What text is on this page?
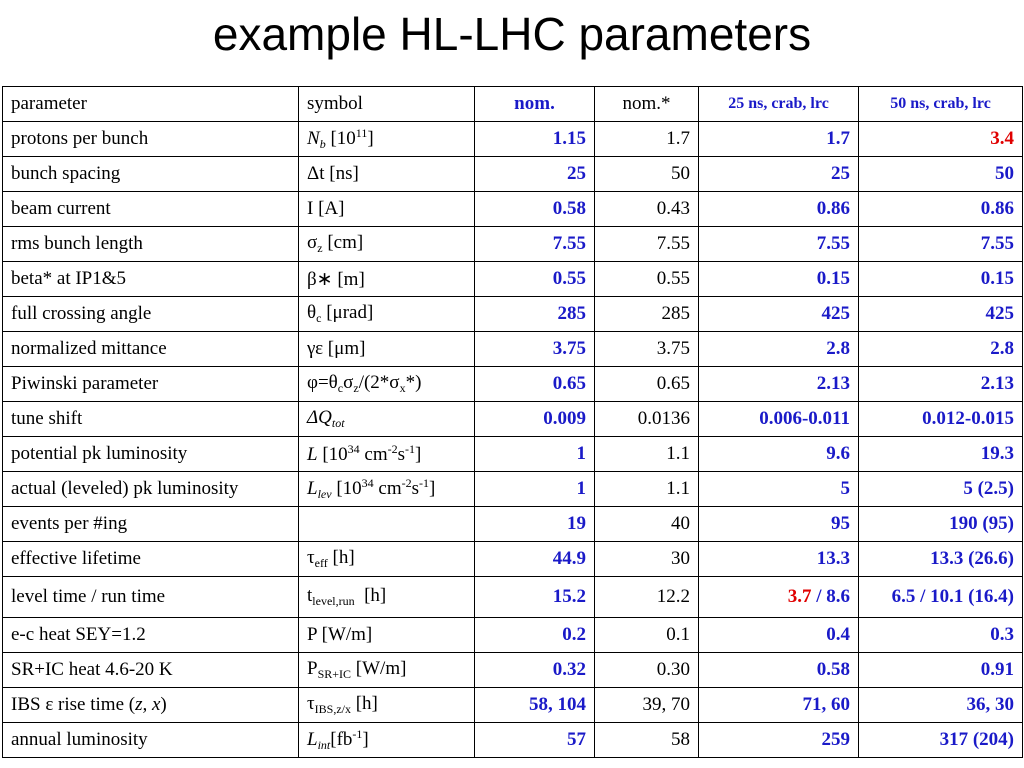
example HL-LHC parameters
parameter	symbol	nom.	nom.*	25 ns, crab, lrc	50 ns, crab, lrc
protons per bunch	$N_b$ $[10^{11}]$	1.15	1.7	1.7	3.4
bunch spacing	Δt [ns]	25	50	25	50
beam current	I [A]	0.58	0.43	0.86	0.86
rms bunch length	$\sigma_z$ [cm]	7.55	7.55	7.55	7.55
beta* at IP1&5	β∗ [m]	0.55	0.55	0.15	0.15
full crossing angle	$\theta_c$ [μrad]	285	285	425	425
normalized mittance	γε [μm]	3.75	3.75	2.8	2.8
Piwinski parameter	$\varphi=\theta_c\sigma_z/(2*\sigma_x*)$	0.65	0.65	2.13	2.13
tune shift	$\Delta Q_{tot}$	0.009	0.0136	0.006-0.011	0.012-0.015
potential pk luminosity	L [$10^{34}$ $cm^{-2}s^{-1}$]	1	1.1	9.6	19.3
actual (leveled) pk luminosity	$L_{lev}$ [$10^{34}$ $cm^{-2}s^{-1}$]	1	1.1	5	5 (2.5)
events per #ing		19	40	95	190 (95)
effective lifetime	$\tau_{eff}$ [h]	44.9	30	13.3	13.3 (26.6)
level time / run time	$t_{level,run}$  [h]	15.2	12.2	3.7 / 8.6	6.5 / 10.1 (16.4)
e-c heat SEY=1.2	P [W/m]	0.2	0.1	0.4	0.3
SR+IC heat 4.6-20 K	$P_{SR+IC}$ [W/m]	0.32	0.30	0.58	0.91
IBS ε rise time (z, x)	$\tau_{IBS,z/x}$ [h]	58, 104	39, 70	71, 60	36, 30
annual luminosity	$L_{int}[fb^{-1}]$	57	58	259	317 (204)
